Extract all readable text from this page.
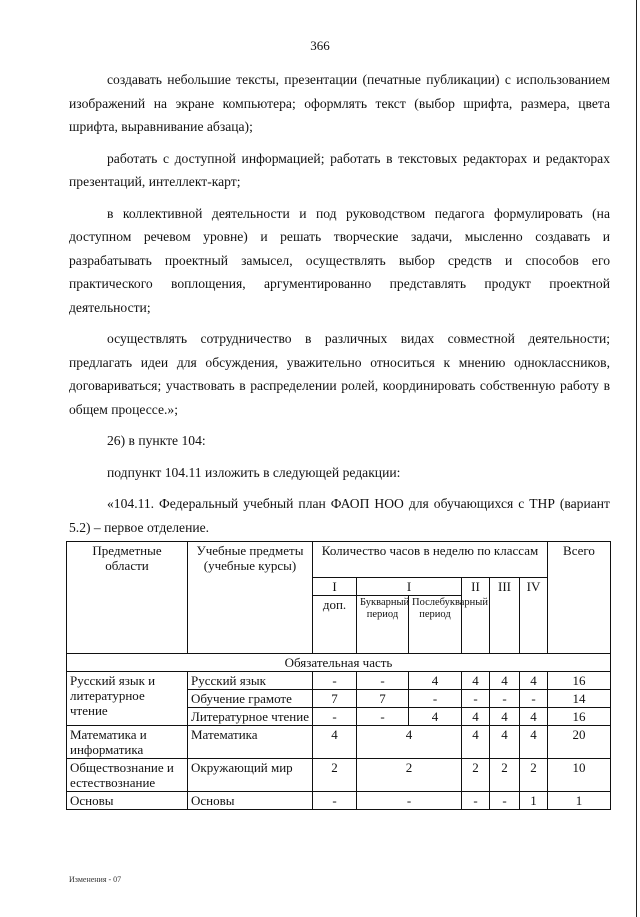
366

создавать небольшие тексты, презентации (печатные публикации) с использованием изображений на экране компьютера; оформлять текст (выбор шрифта, размера, цвета шрифта, выравнивание абзаца);

работать с доступной информацией; работать в текстовых редакторах и редакторах презентаций, интеллект-карт;

в коллективной деятельности и под руководством педагога формулировать (на доступном речевом уровне) и решать творческие задачи, мысленно создавать и разрабатывать проектный замысел, осуществлять выбор средств и способов его практического воплощения, аргументированно представлять продукт проектной деятельности;

осуществлять сотрудничество в различных видах совместной деятельности; предлагать идеи для обсуждения, уважительно относиться к мнению одноклассников, договариваться; участвовать в распределении ролей, координировать собственную работу в общем процессе.»;

26) в пункте 104:

подпункт 104.11 изложить в следующей редакции:

«104.11. Федеральный учебный план ФАОП НОО для обучающихся с ТНР (вариант 5.2) – первое отделение.

Предметные области	Учебные предметы (учебные курсы)	Количество часов в неделю по классам						Всего
		I	I		II	III	IV	
		доп.	Букварный период	Послебукварный период				
Обязательная часть								
Русский язык и литературное чтение	Русский язык	-	-	4	4	4	4	16
	Обучение грамоте	7	7	-	-	-	-	14
	Литературное чтение	-	-	4	4	4	4	16
Математика и информатика	Математика	4	4		4	4	4	20
Обществознание и естествознание	Окружающий мир	2	2		2	2	2	10
Основы	Основы	-	-		-	-	1	1
Изменения - 07
